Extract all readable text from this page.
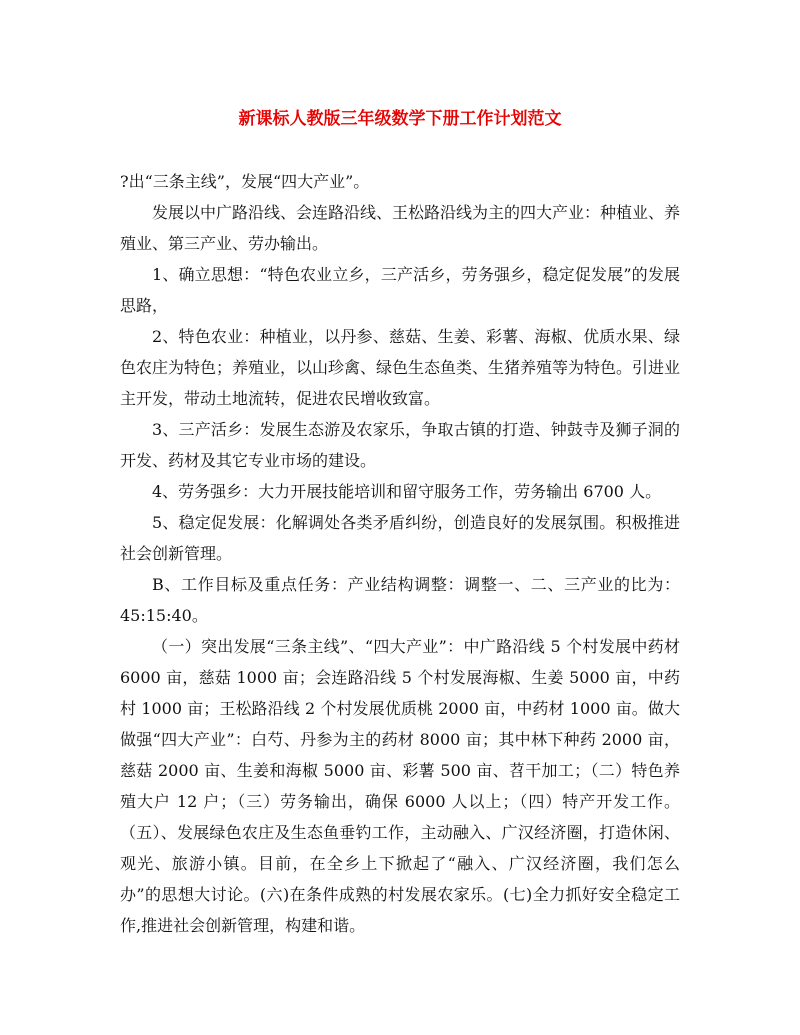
新课标人教版三年级数学下册工作计划范文

?出“三条主线”，发展“四大产业”。

发展以中广路沿线、会连路沿线、王松路沿线为主的四大产业：种植业、养殖业、第三产业、劳办输出。

1、确立思想：“特色农业立乡，三产活乡，劳务强乡，稳定促发展”的发展思路，

2、特色农业：种植业，以丹参、慈菇、生姜、彩薯、海椒、优质水果、绿色农庄为特色；养殖业，以山珍禽、绿色生态鱼类、生猪养殖等为特色。引进业主开发，带动土地流转，促进农民增收致富。

3、三产活乡：发展生态游及农家乐，争取古镇的打造、钟鼓寺及狮子洞的开发、药材及其它专业市场的建设。

4、劳务强乡：大力开展技能培训和留守服务工作，劳务输出 6700 人。

5、稳定促发展：化解调处各类矛盾纠纷，创造良好的发展氛围。积极推进社会创新管理。

B、工作目标及重点任务：产业结构调整：调整一、二、三产业的比为：45:15:40。

（一）突出发展“三条主线”、“四大产业”：中广路沿线 5 个村发展中药材 6000 亩，慈菇 1000 亩；会连路沿线 5 个村发展海椒、生姜 5000 亩，中药村 1000 亩；王松路沿线 2 个村发展优质桃 2000 亩，中药材 1000 亩。做大做强“四大产业”：白芍、丹参为主的药材 8000 亩；其中林下种药 2000 亩，慈菇 2000 亩、生姜和海椒 5000 亩、彩薯 500 亩、苕干加工；（二）特色养殖大户 12 户；（三）劳务输出，确保 6000 人以上；（四）特产开发工作。（五）、发展绿色农庄及生态鱼垂钓工作，主动融入、广汉经济圈，打造休闲、观光、旅游小镇。目前，在全乡上下掀起了“融入、广汉经济圈，我们怎么办”的思想大讨论。(六)在条件成熟的村发展农家乐。(七)全力抓好安全稳定工作,推进社会创新管理，构建和谐。
